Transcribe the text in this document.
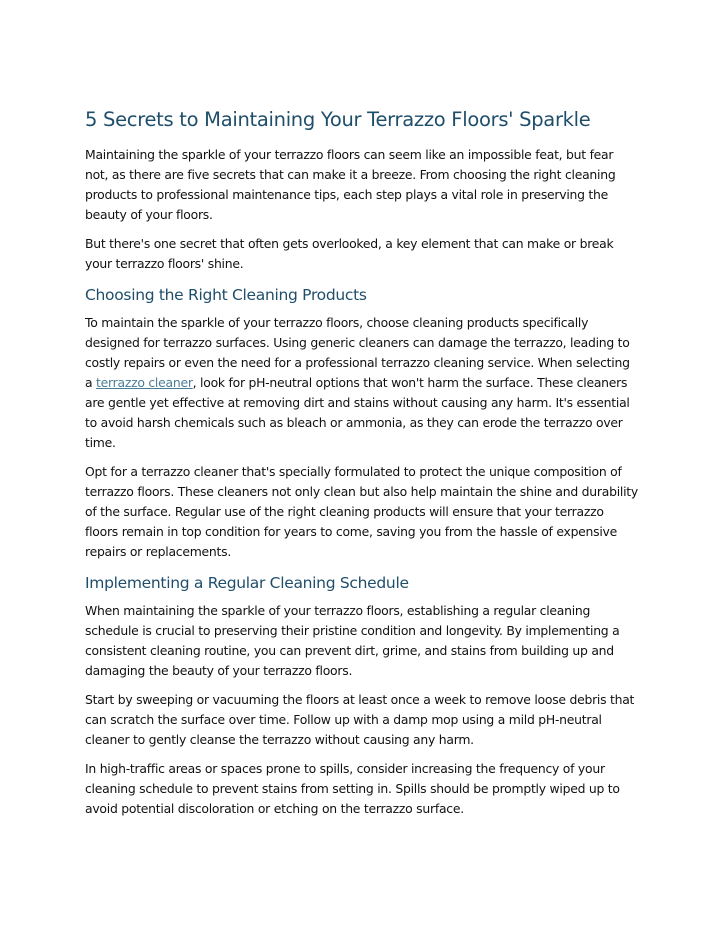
5 Secrets to Maintaining Your Terrazzo Floors' Sparkle

Maintaining the sparkle of your terrazzo floors can seem like an impossible feat, but fear not, as there are five secrets that can make it a breeze. From choosing the right cleaning products to professional maintenance tips, each step plays a vital role in preserving the beauty of your floors.

But there's one secret that often gets overlooked, a key element that can make or break your terrazzo floors' shine.

Choosing the Right Cleaning Products

To maintain the sparkle of your terrazzo floors, choose cleaning products specifically designed for terrazzo surfaces. Using generic cleaners can damage the terrazzo, leading to costly repairs or even the need for a professional terrazzo cleaning service. When selecting a terrazzo cleaner, look for pH-neutral options that won't harm the surface. These cleaners are gentle yet effective at removing dirt and stains without causing any harm. It's essential to avoid harsh chemicals such as bleach or ammonia, as they can erode the terrazzo over time.

Opt for a terrazzo cleaner that's specially formulated to protect the unique composition of terrazzo floors. These cleaners not only clean but also help maintain the shine and durability of the surface. Regular use of the right cleaning products will ensure that your terrazzo floors remain in top condition for years to come, saving you from the hassle of expensive repairs or replacements.

Implementing a Regular Cleaning Schedule

When maintaining the sparkle of your terrazzo floors, establishing a regular cleaning schedule is crucial to preserving their pristine condition and longevity. By implementing a consistent cleaning routine, you can prevent dirt, grime, and stains from building up and damaging the beauty of your terrazzo floors.

Start by sweeping or vacuuming the floors at least once a week to remove loose debris that can scratch the surface over time. Follow up with a damp mop using a mild pH-neutral cleaner to gently cleanse the terrazzo without causing any harm.

In high-traffic areas or spaces prone to spills, consider increasing the frequency of your cleaning schedule to prevent stains from setting in. Spills should be promptly wiped up to avoid potential discoloration or etching on the terrazzo surface.
